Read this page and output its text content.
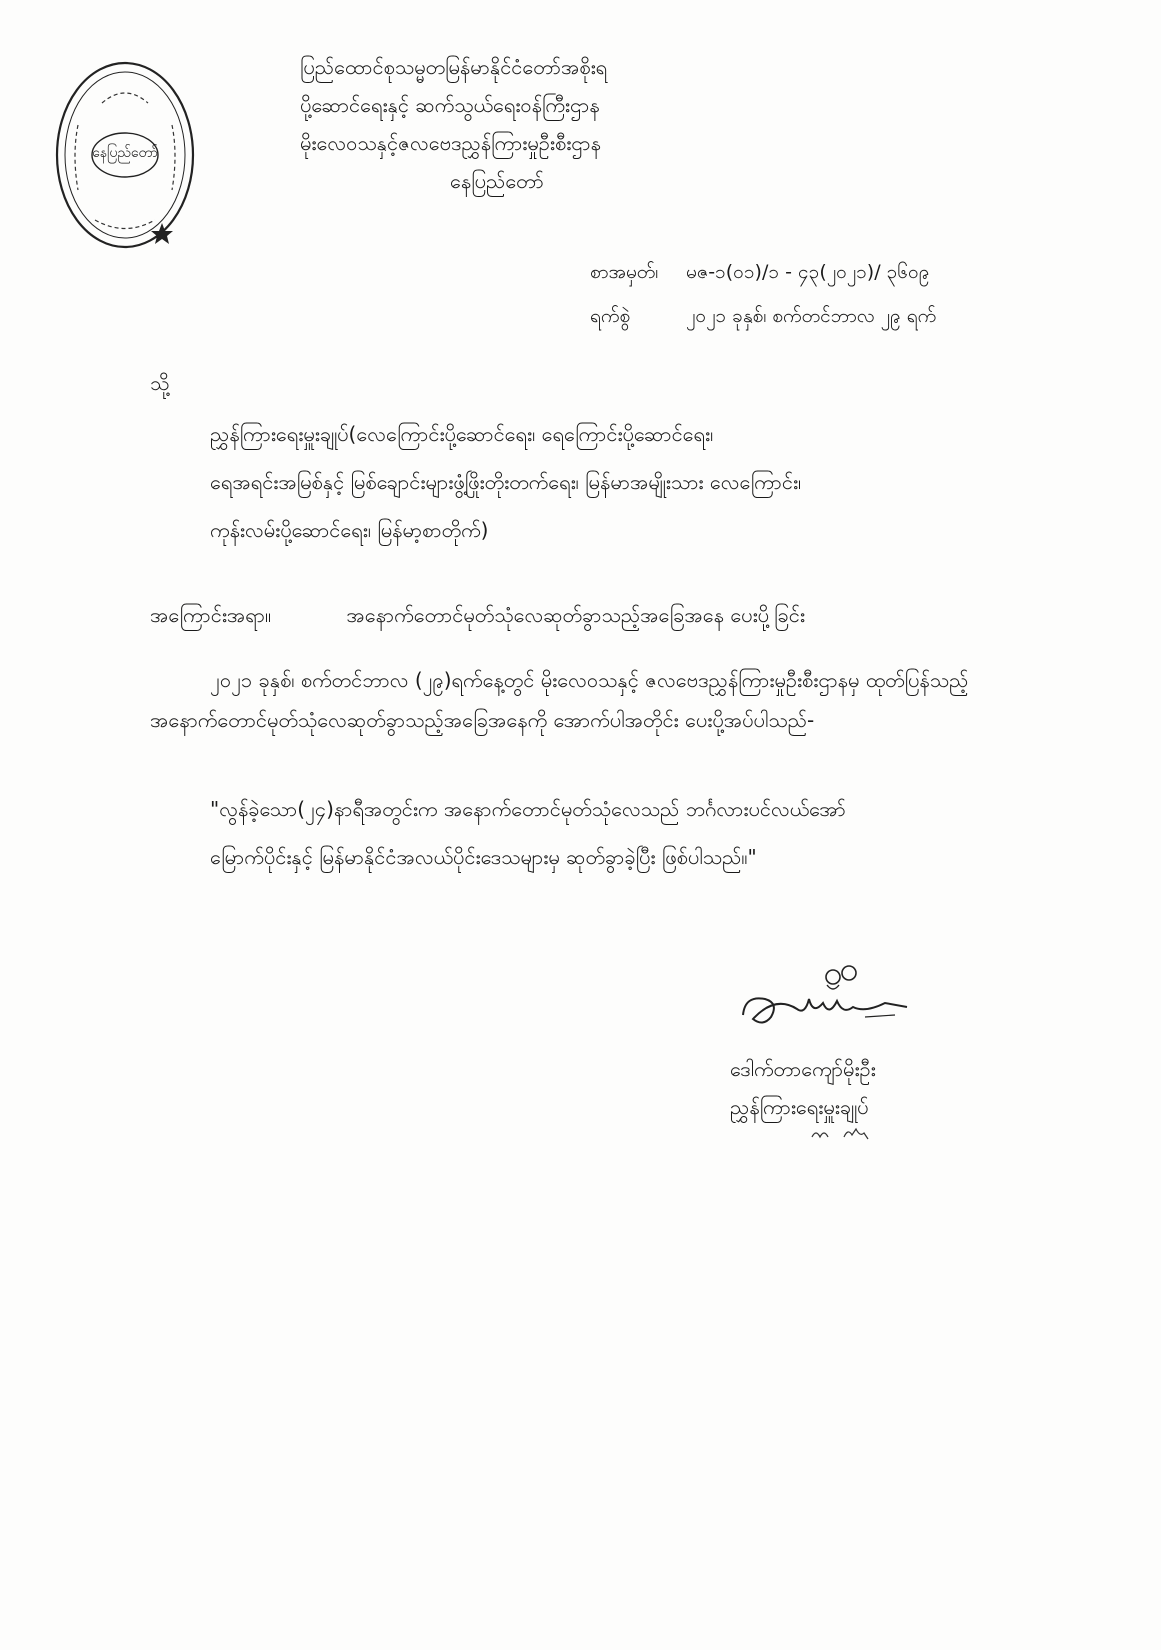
နေပြည်တော်
ပြည်ထောင်စုသမ္မတမြန်မာနိုင်ငံတော်အစိုးရ
ပို့ဆောင်ရေးနှင့် ဆက်သွယ်ရေးဝန်ကြီးဌာန
မိုးလေဝသနှင့်ဇလဗေဒညွှန်ကြားမှုဦးစီးဌာန
နေပြည်တော်
စာအမှတ်၊ မဇ-၁(၀၁)/၁ - ၄၃(၂၀၂၁)/ ၃၆၀၉
ရက်စွဲ	၂၀၂၁ ခုနှစ်၊ စက်တင်ဘာလ ၂၉ ရက်
သို့
ညွှန်ကြားရေးမှူးချုပ်(လေကြောင်းပို့ဆောင်ရေး၊ ရေကြောင်းပို့ဆောင်ရေး၊
ရေအရင်းအမြစ်နှင့် မြစ်ချောင်းများဖွံ့ဖြိုးတိုးတက်ရေး၊ မြန်မာအမျိုးသား လေကြောင်း၊
ကုန်းလမ်းပို့ဆောင်ရေး၊ မြန်မာ့စာတိုက်)
အကြောင်းအရာ။	အနောက်တောင်မုတ်သုံလေဆုတ်ခွာသည့်အခြေအနေ ပေးပို့ခြင်း
၂၀၂၁ ခုနှစ်၊ စက်တင်ဘာလ (၂၉)ရက်နေ့တွင် မိုးလေဝသနှင့် ဇလဗေဒညွှန်ကြားမှုဦးစီးဌာနမှ ထုတ်ပြန်သည့် အနောက်တောင်မုတ်သုံလေဆုတ်ခွာသည့်အခြေအနေကို အောက်ပါအတိုင်း ပေးပို့အပ်ပါသည်-
"လွန်ခဲ့သော(၂၄)နာရီအတွင်းက အနောက်တောင်မုတ်သုံလေသည် ဘင်္ဂလားပင်လယ်အော်
မြောက်ပိုင်းနှင့် မြန်မာနိုင်ငံအလယ်ပိုင်းဒေသများမှ ဆုတ်ခွာခဲ့ပြီး ဖြစ်ပါသည်။"
ဒေါက်တာကျော်မိုးဦး
ညွှန်ကြားရေးမှူးချုပ်
